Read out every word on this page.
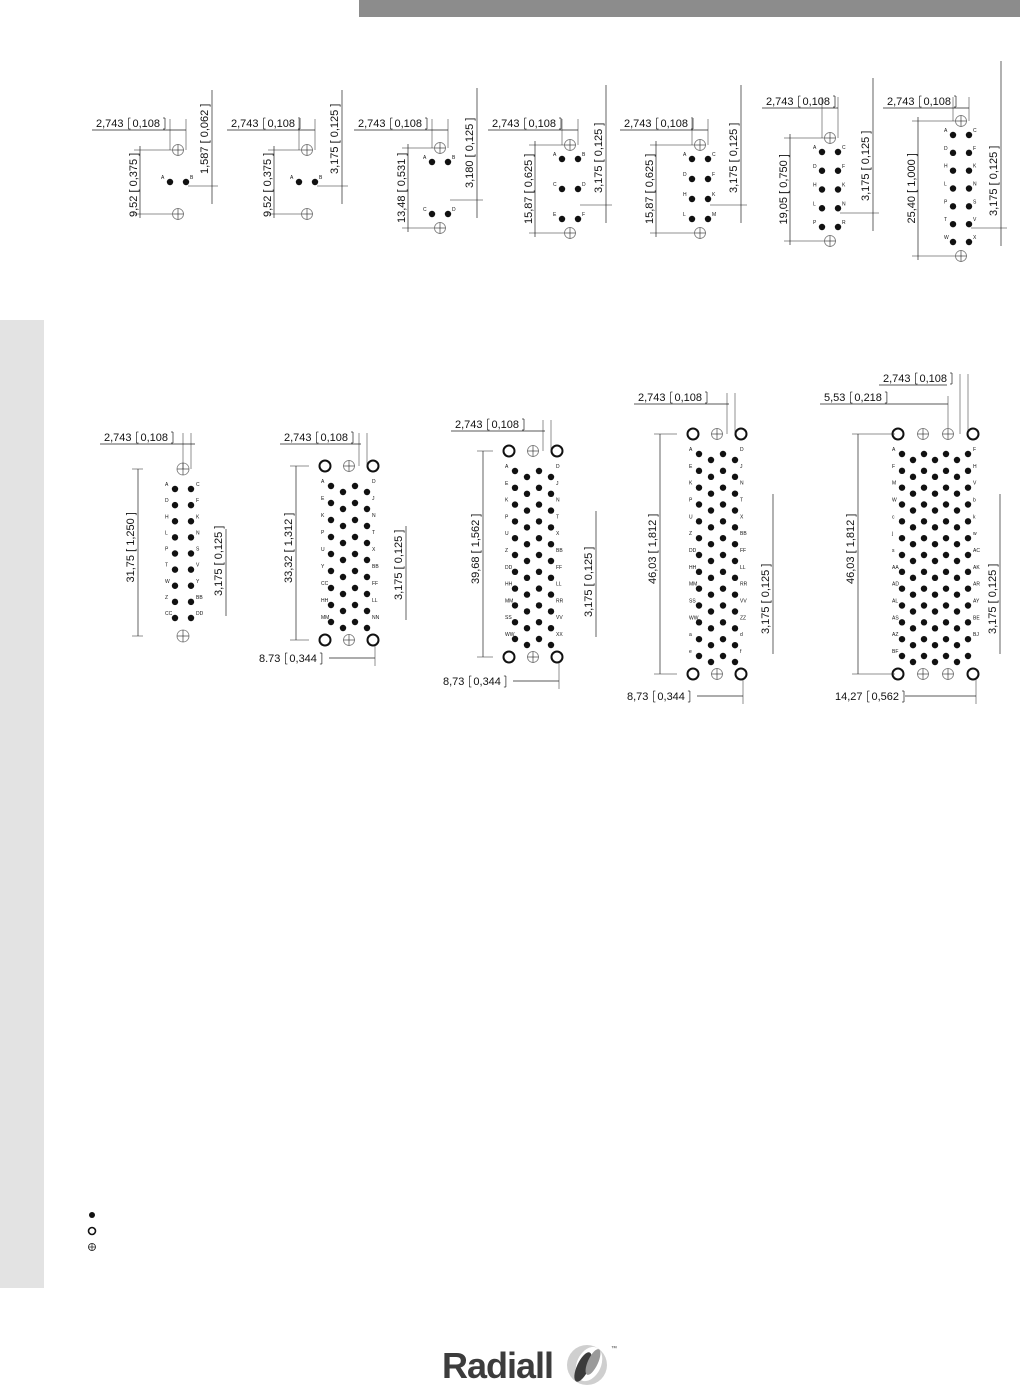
A	B
2,743 0,108
9,52 [ 0,375 ]
1,587 [ 0,062 ]
A	B
2,743 0,108
9,52 [ 0,375 ]
3,175 [ 0,125 ]	A	B
C	D
2,743 0,108
13,48 [ 0,531 ]	3,180 [ 0,125 ]	A	B
C	D
E	F
2,743 0,108
15,87 [ 0,625 ]	3,175 [ 0,125 ]	A	C
D	F
H	K
L	M
2,743 0,108
15,87 [ 0,625 ]	3,175 [ 0,125 ]	A	C
D	F
H	K
L	N
P	R
2,743 0,108
19,05 [ 0,750 ]	3,175 [ 0,125 ]	A	C
D	F
H	K
L	N
P	S
T	V
W	X
2,743 0,108
25,40 [ 1,000 ]	3,175 [ 0,125 ]
A	C
D	F
H	K
L	N
P	S
T	V
W	Y
Z	BB
CC	DD
2,743 0,108
31,75 [ 1,250 ]	3,175 [ 0,125 ]
A	D
E	J
K	N
P	T
U	X
Y	BB
CC	FF
HH	LL
MM	NN
2,743 0,108
33,32 [ 1,312 ]	3,175 [ 0,125 ]
8.73 0,344
A	D
E	J
K	N
P	T
U	X
Z	BB
DD	FF
HH	LL
MM	RR
SS	VV
WW	XX
2,743 0,108
39,68 [ 1,562 ]	3,175 [ 0,125 ]
8,73 0,344
A	D
E	J
K	N
P	T
U	X
Z	BB
DD	FF
HH	LL
MM	RR
SS	VV
WW	ZZ
a	d
e	f
2,743 0,108
46,03 [ 1,812 ]
3,175 [ 0,125 ]
8,73 0,344
A	F
F	H
M	V
W	b
c	k
j	w
s	AC
AA	AK
AD	AR
AL	AY
AS	BE
AZ	BJ
BF
2,743 0,108
46,03 [ 1,812 ]
3,175 [ 0,125 ]
14,27 0,562
5,53 0,218
Radiall	™
